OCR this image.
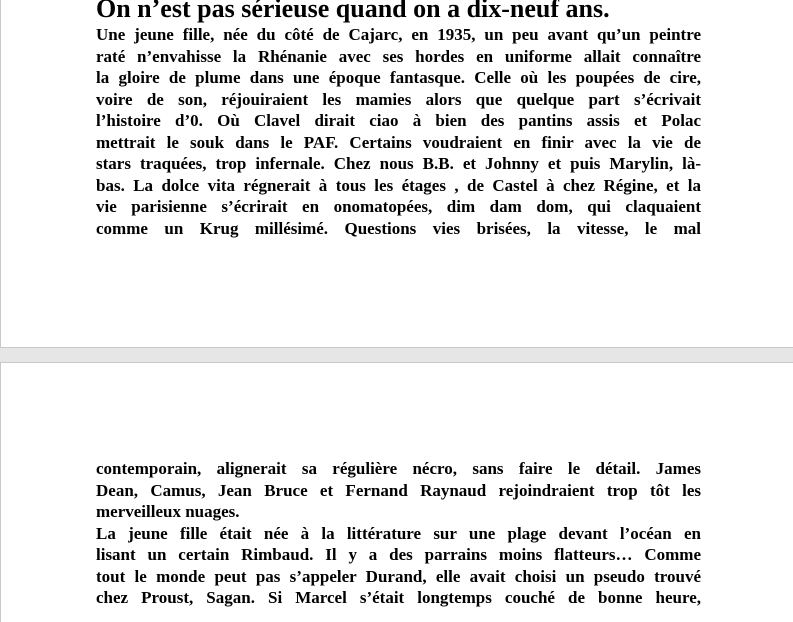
On n’est pas sérieuse quand on a dix-neuf ans.
Une jeune fille, née du côté de Cajarc, en 1935, un peu avant qu’un peintre
raté n’envahisse la Rhénanie avec ses hordes en uniforme allait connaître
la gloire de plume dans une époque fantasque. Celle où les poupées de cire,
voire de son, réjouiraient les mamies alors que quelque part s’écrivait
l’histoire d’0. Où Clavel dirait ciao à bien des pantins assis et Polac
mettrait le souk dans le PAF. Certains voudraient en finir avec la vie de
stars traquées, trop infernale. Chez nous B.B. et Johnny et puis Marylin, là-
bas. La dolce vita régnerait à tous les étages , de Castel à chez Régine, et la
vie parisienne s’écrirait en onomatopées, dim dam dom, qui claquaient
comme un Krug millésimé. Questions vies brisées, la vitesse, le mal
contemporain, alignerait sa régulière nécro, sans faire le détail. James
Dean, Camus, Jean Bruce et Fernand Raynaud rejoindraient trop tôt les
merveilleux nuages.
La jeune fille était née à la littérature sur une plage devant l’océan en
lisant un certain Rimbaud. Il y a des parrains moins flatteurs… Comme
tout le monde peut pas s’appeler Durand, elle avait choisi un pseudo trouvé
chez Proust, Sagan. Si Marcel s’était longtemps couché de bonne heure,
